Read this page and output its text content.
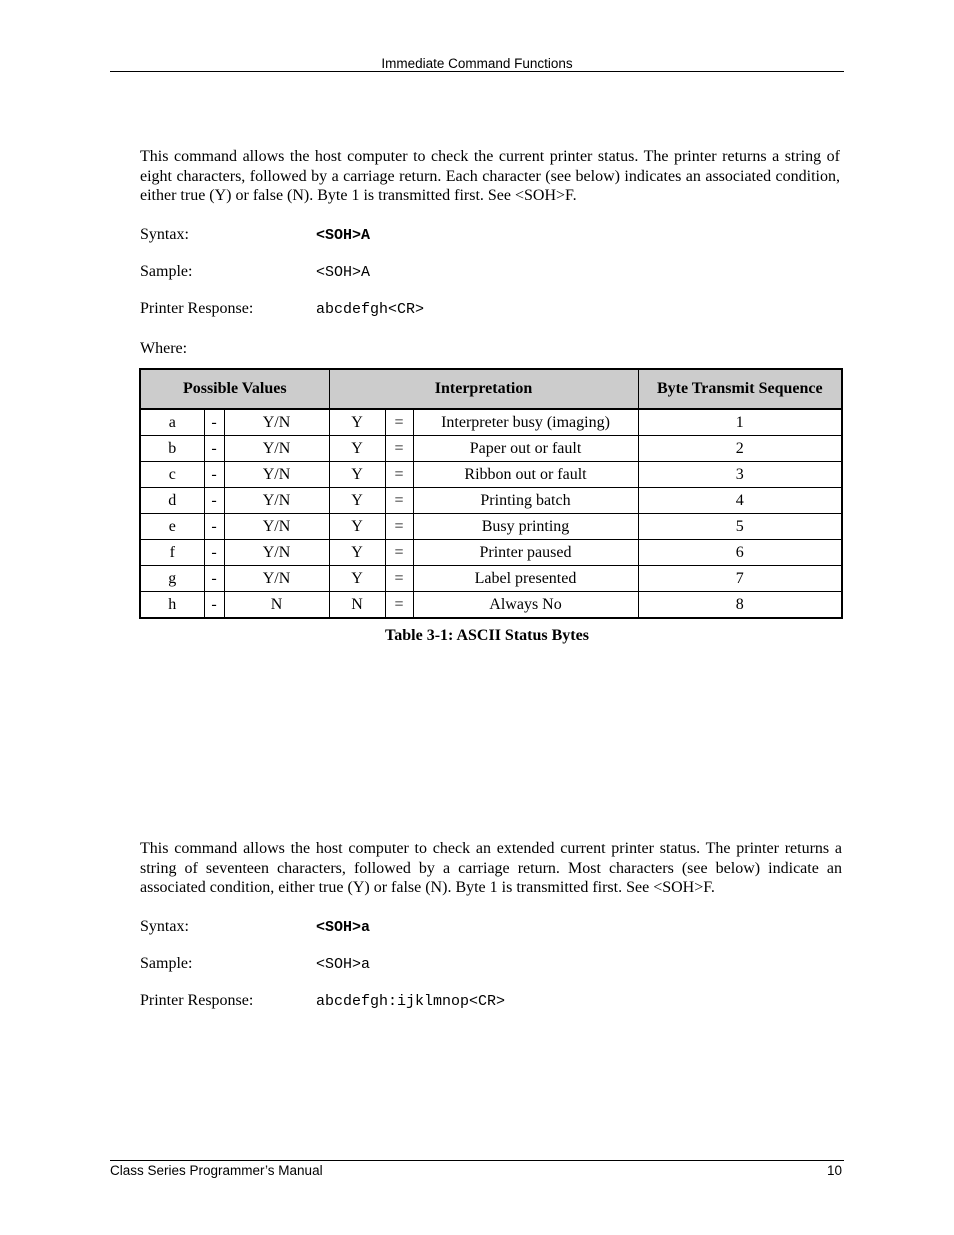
Immediate Command Functions
This command allows the host computer to check the current printer status. The printer returns a string of eight characters, followed by a carriage return. Each character (see below) indicates an associated condition, either true (Y) or false (N). Byte 1 is transmitted first. See <SOH>F.
Syntax:	<SOH>A
Sample:	<SOH>A
Printer Response:	abcdefgh<CR>
Where:
Possible Values			Interpretation			Byte Transmit Sequence
a	-	Y/N	Y	=	Interpreter busy (imaging)	1
b	-	Y/N	Y	=	Paper out or fault	2
c	-	Y/N	Y	=	Ribbon out or fault	3
d	-	Y/N	Y	=	Printing batch	4
e	-	Y/N	Y	=	Busy printing	5
f	-	Y/N	Y	=	Printer paused	6
g	-	Y/N	Y	=	Label presented	7
h	-	N	N	=	Always No	8
Table 3-1: ASCII Status Bytes
This command allows the host computer to check an extended current printer status. The printer returns a string of seventeen characters, followed by a carriage return. Most characters (see below) indicate an associated condition, either true (Y) or false (N). Byte 1 is transmitted first. See <SOH>F.
Syntax:	<SOH>a
Sample:	<SOH>a
Printer Response:	abcdefgh:ijklmnop<CR>
Class Series Programmer’s Manual	10
